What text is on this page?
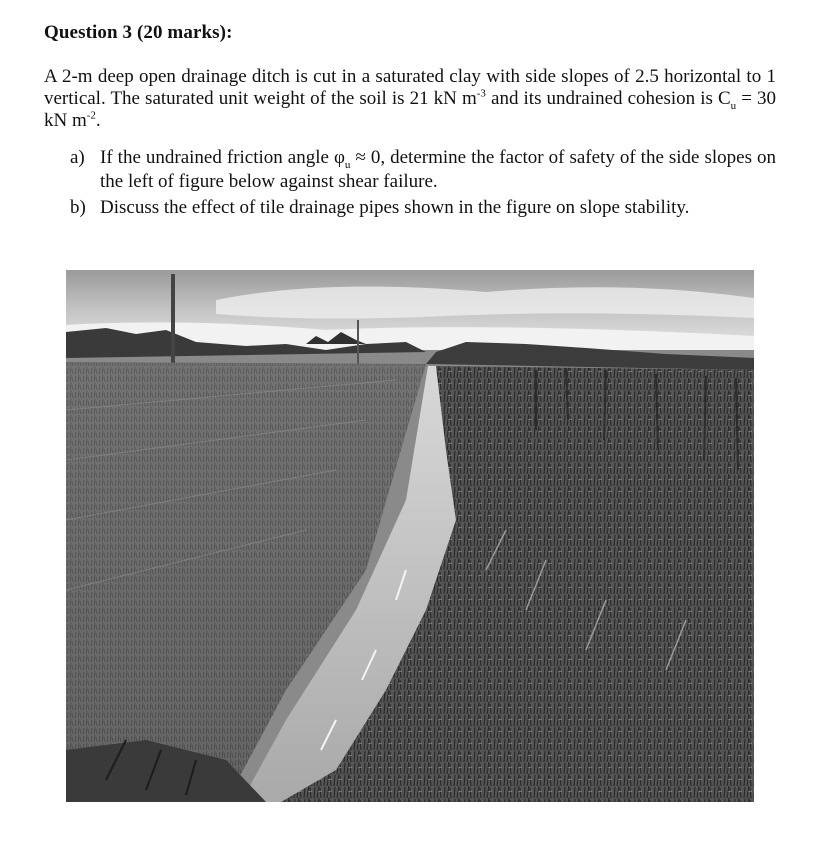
Question 3 (20 marks):
A 2-m deep open drainage ditch is cut in a saturated clay with side slopes of 2.5 horizontal to 1 vertical. The saturated unit weight of the soil is 21 kN $m^{-3}$ and its undrained cohesion is $C_u = 30$ kN $m^{-2}$.
a) If the undrained friction angle $\varphi_u \approx 0$, determine the factor of safety of the side slopes on the left of figure below against shear failure.
b) Discuss the effect of tile drainage pipes shown in the figure on slope stability.
